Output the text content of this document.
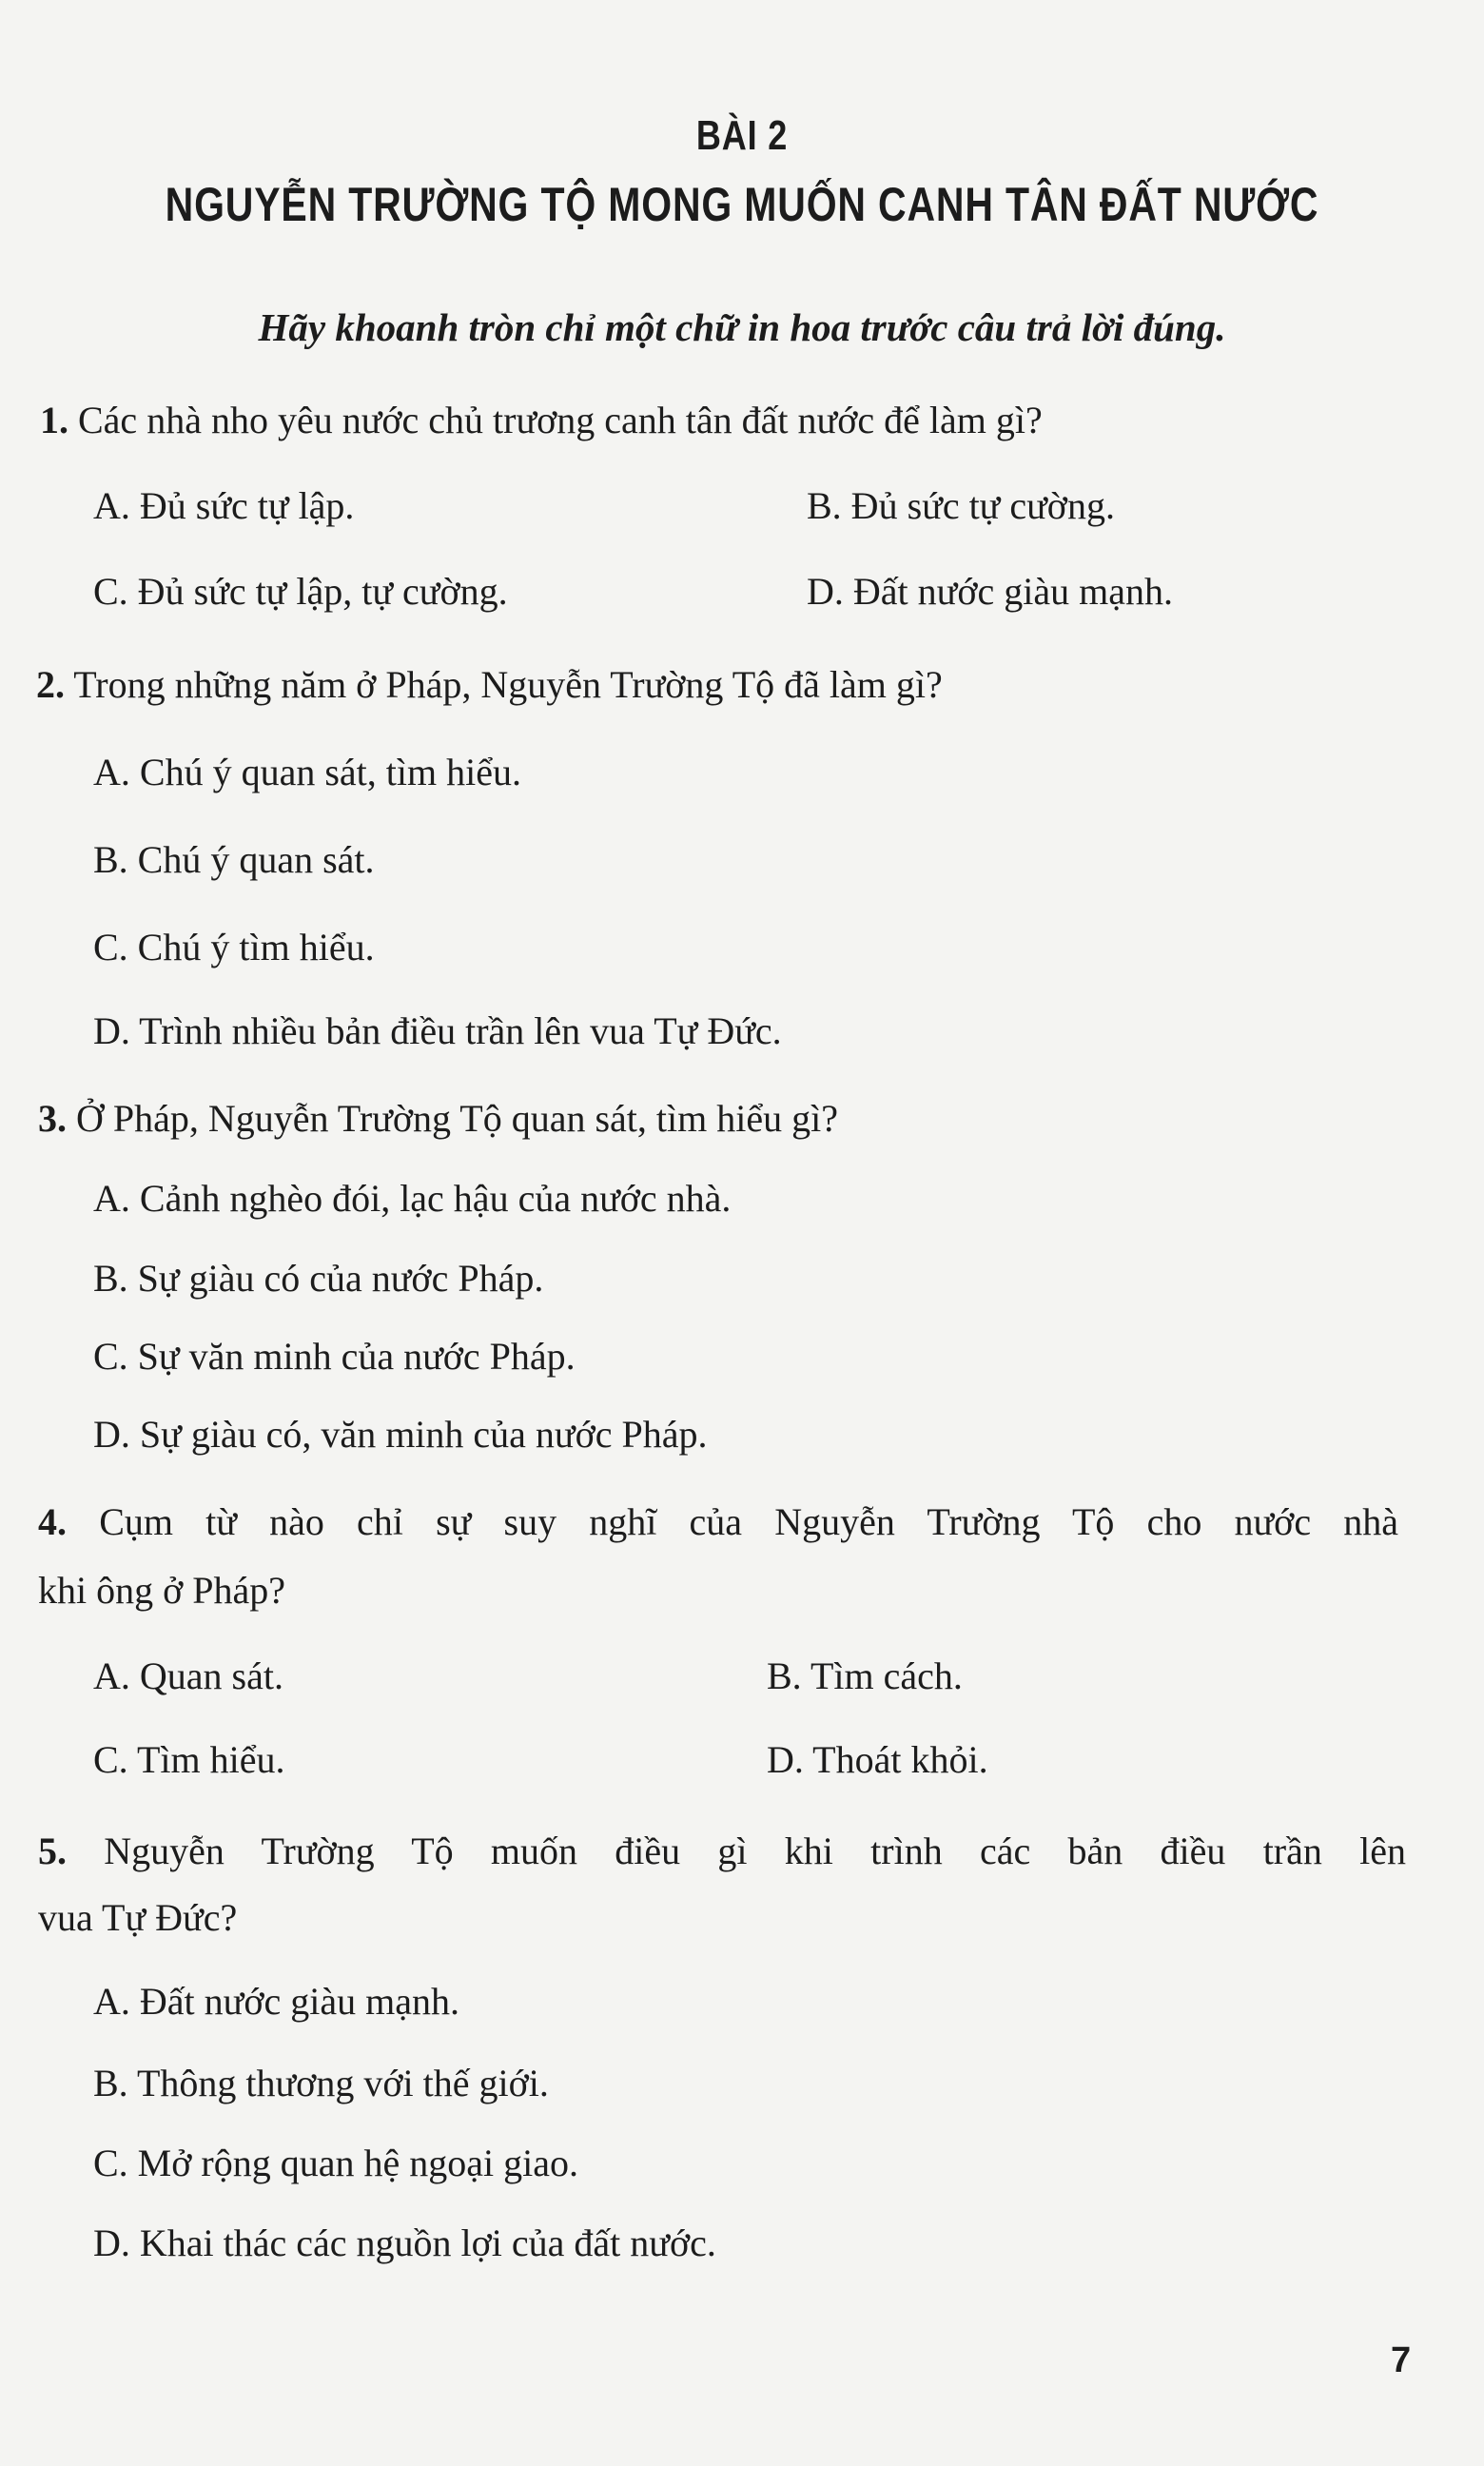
BÀI 2
NGUYỄN TRƯỜNG TỘ MONG MUỐN CANH TÂN ĐẤT NƯỚC
Hãy khoanh tròn chỉ một chữ in hoa trước câu trả lời đúng.
1. Các nhà nho yêu nước chủ trương canh tân đất nước để làm gì?
A. Đủ sức tự lập.	B. Đủ sức tự cường.
C. Đủ sức tự lập, tự cường.	D. Đất nước giàu mạnh.
2. Trong những năm ở Pháp, Nguyễn Trường Tộ đã làm gì?
A. Chú ý quan sát, tìm hiểu.
B. Chú ý quan sát.
C. Chú ý tìm hiểu.
D. Trình nhiều bản điều trần lên vua Tự Đức.
3. Ở Pháp, Nguyễn Trường Tộ quan sát, tìm hiểu gì?
A. Cảnh nghèo đói, lạc hậu của nước nhà.
B. Sự giàu có của nước Pháp.
C. Sự văn minh của nước Pháp.
D. Sự giàu có, văn minh của nước Pháp.
4. Cụm từ nào chỉ sự suy nghĩ của Nguyễn Trường Tộ cho nước nhà
khi ông ở Pháp?
A. Quan sát.	B. Tìm cách.
C. Tìm hiểu.	D. Thoát khỏi.
5. Nguyễn Trường Tộ muốn điều gì khi trình các bản điều trần lên
vua Tự Đức?
A. Đất nước giàu mạnh.
B. Thông thương với thế giới.
C. Mở rộng quan hệ ngoại giao.
D. Khai thác các nguồn lợi của đất nước.
7
